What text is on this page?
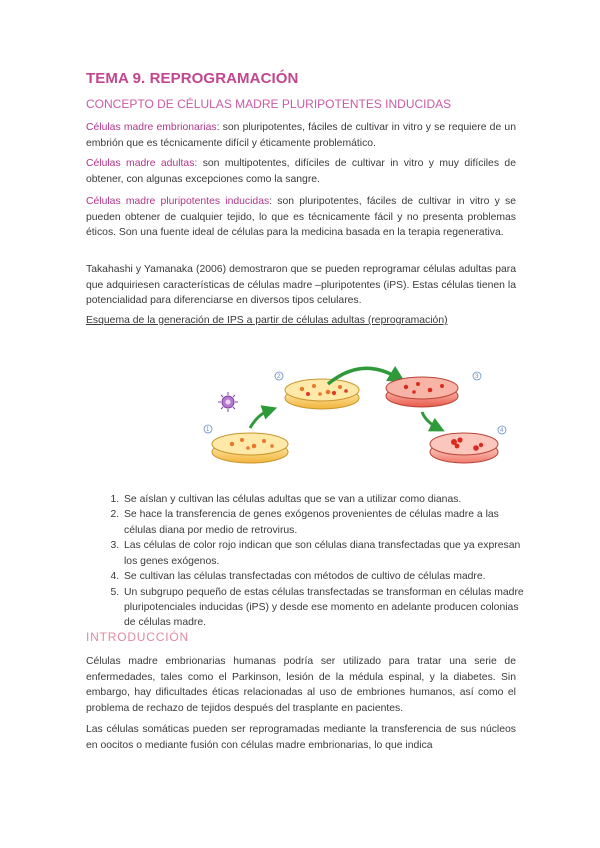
TEMA 9. REPROGRAMACIÓN
CONCEPTO DE CÉLULAS MADRE PLURIPOTENTES INDUCIDAS

Células madre embrionarias: son pluripotentes, fáciles de cultivar in vitro y se requiere de un embrión que es técnicamente difícil y éticamente problemático.

Células madre adultas: son multipotentes, difíciles de cultivar in vitro y muy difíciles de obtener, con algunas excepciones como la sangre.

Células madre pluripotentes inducidas: son pluripotentes, fáciles de cultivar in vitro y se pueden obtener de cualquier tejido, lo que es técnicamente fácil y no presenta problemas éticos. Son una fuente ideal de células para la medicina basada en la terapia regenerativa.

Takahashi y Yamanaka (2006) demostraron que se pueden reprogramar células adultas para que adquiriesen características de células madre –pluripotentes (iPS). Estas células tienen la potencialidad para diferenciarse en diversos tipos celulares.

Esquema de la generación de IPS a partir de células adultas (reprogramación)
1
2	3
4
1. Se aíslan y cultivan las células adultas que se van a utilizar como dianas.
2. Se hace la transferencia de genes exógenos provenientes de células madre a las células diana por medio de retrovirus.
3. Las células de color rojo indican que son células diana transfectadas que ya expresan los genes exógenos.
4. Se cultivan las células transfectadas con métodos de cultivo de células madre.
5. Un subgrupo pequeño de estas células transfectadas se transforman en células madre pluripotenciales inducidas (iPS) y desde ese momento en adelante producen colonias de células madre.
INTRODUCCIÓN

Células madre embrionarias humanas podría ser utilizado para tratar una serie de enfermedades, tales como el Parkinson, lesión de la médula espinal, y la diabetes. Sin embargo, hay dificultades éticas relacionadas al uso de embriones humanos, así como el problema de rechazo de tejidos después del trasplante en pacientes.

Las células somáticas pueden ser reprogramadas mediante la transferencia de sus núcleos en oocitos o mediante fusión con células madre embrionarias, lo que indica
